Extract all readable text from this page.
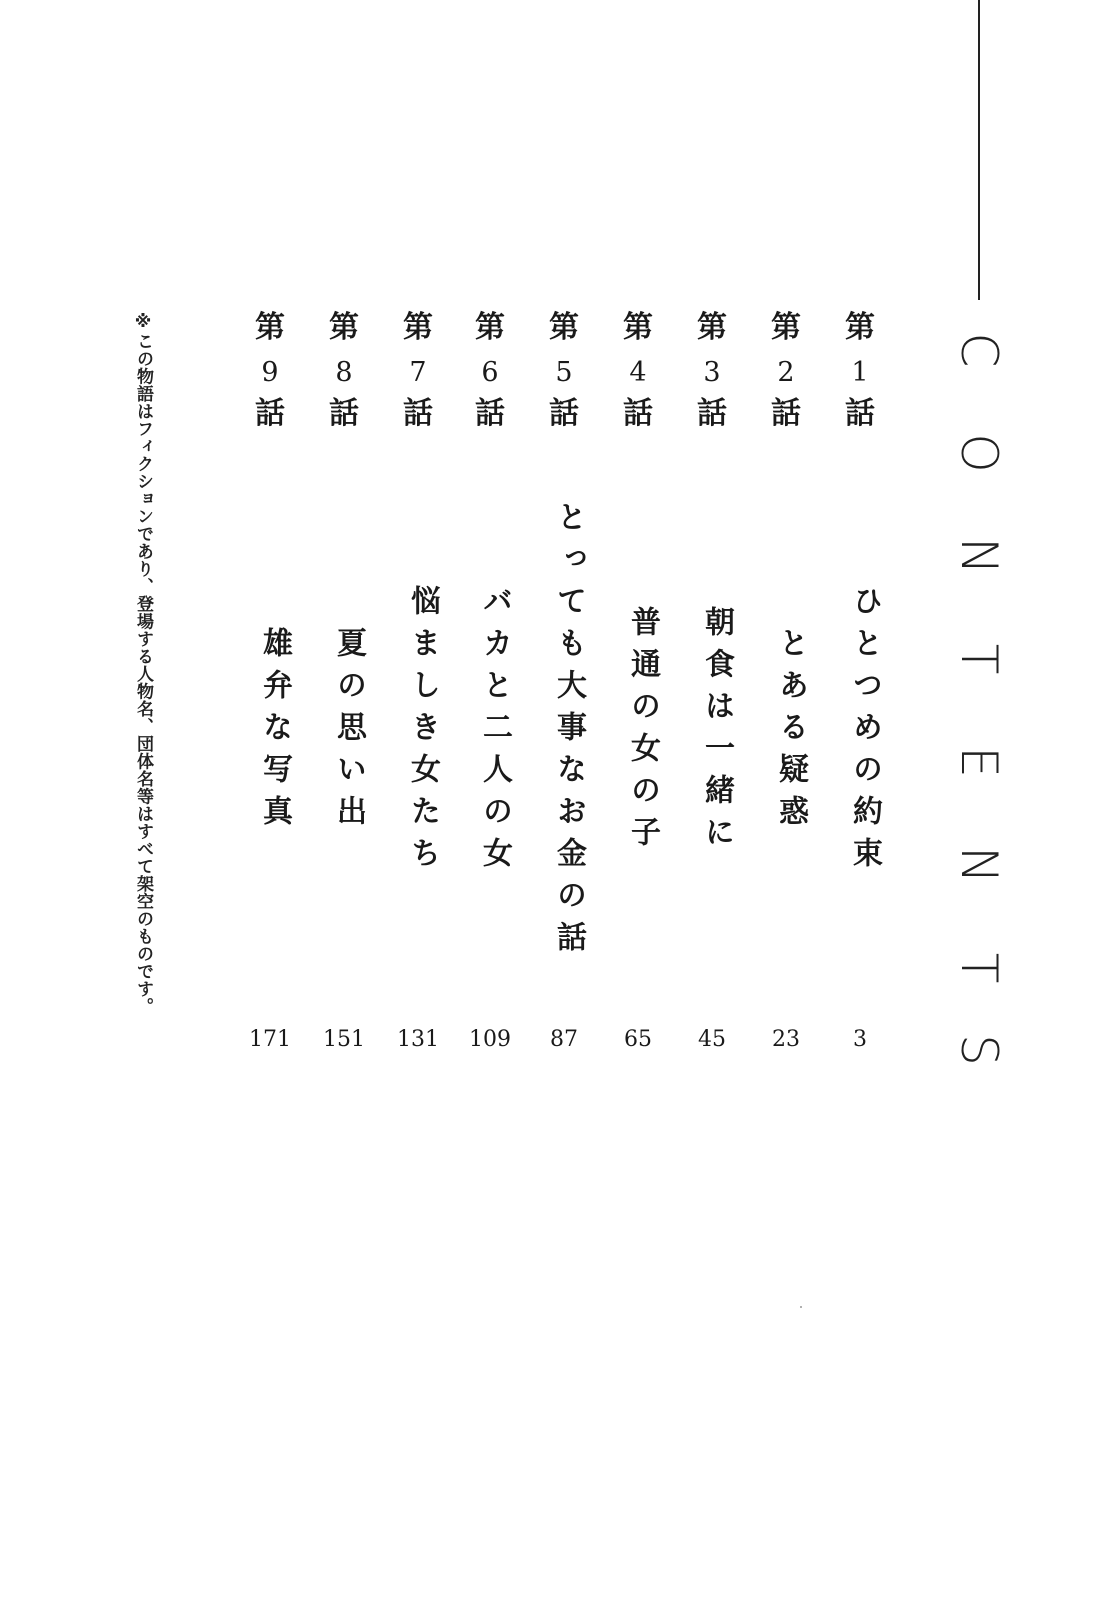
C
O
N
T
E
N
T
S
第
1
話
ひとつめの約束
3
第
2
話
とある疑惑
23
第
3
話
朝食は一緒に
45
第
4
話
普通の女の子
65
第
5
話
とっても大事なお金の話
87
第
6
話
バカと二人の女
109
第
7
話
悩ましき女たち
131
第
8
話
夏の思い出
151
第
9
話
雄弁な写真
171
※この物語はフィクションであり、登場する人物名、団体名等はすべて架空のものです。
